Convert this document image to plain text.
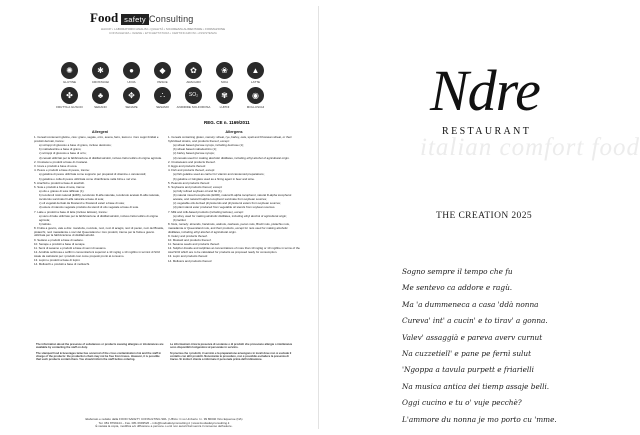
Food safety Consulting
HACCP • LABORATORIO ANALISI • QUALITÀ • SICUREZZA ALIMENTARE • FORMAZIONE
CONSULENZA • IGIENE • ETICHETTATURA • CERTIFICAZIONI • ASSISTENZA
✺
GLUTINE
✱
CROSTACEI
●
UOVA
◆
PESCE
✿
ARACHIDI
❀
SOIA
▲
LATTE
✤
FRUTTA A GUSCIO
♣
SEDANO
✥
SENAPE
∴
SESAMO
SO₂
ANIDRIDE SOLFOROSA
✾
LUPINI
◉
MOLLUSCHI
REG. CE n. 1169/2011
Allergeni
1. Cereali contenenti glutine, cioè: grano, segale, orzo, avena, farro, kamut o i loro ceppi ibridati e prodotti derivati, tranne:
a) sciroppi di glucosio a base di grano, incluso destrosio;
b) maltodestrine a base di grano;
c) sciroppi di glucosio a base di orzo;
d) cereali utilizzati per la fabbricazione di distillati alcolici, incluso l'alcol etilico di origine agricola.
2. Crostacei e prodotti a base di crostacei.
3. Uova e prodotti a base di uova.
4. Pesce e prodotti a base di pesce, tranne:
a) gelatina di pesce utilizzata come supporto per preparati di vitamine o carotenoidi;
b) gelatina o colla di pesce utilizzata come chiarificante nella birra e nel vino.
5. Arachidi e prodotti a base di arachidi.
6. Soia e prodotti a base di soia, tranne:
a) olio e grasso di soia raffinato (1);
b) tocoferoli misti naturali (E306), tocoferolo D-alfa naturale, tocoferolo acetato D-alfa naturale, tocoferolo succinato D-alfa naturale a base di soia;
c) oli vegetali derivati da fitosteroli e fitosteroli esteri a base di soia;
d) estere di stanolo vegetale prodotto da steroli di olio vegetale a base di soia.
7. Latte e prodotti a base di latte (incluso lattosio), tranne:
a) siero di latte utilizzato per la fabbricazione di distillati alcolici, incluso l'alcol etilico di origine agricola;
b) lattiolo.
8. Frutta a guscio, vale a dire: mandorle, nocciole, noci, noci di acagiù, noci di pecan, noci del Brasile, pistacchi, noci macadamia o noci del Queensland e i loro prodotti, tranne per la frutta a guscio utilizzata per la fabbricazione di distillati alcolici.
9. Sedano e prodotti a base di sedano.
10. Senape e prodotti a base di senape.
11. Semi di sesamo e prodotti a base di semi di sesamo.
12. Anidride solforosa e solfiti in concentrazioni superiori a 10 mg/kg o 10 mg/litro in termini di SO2 totale da calcolarsi per i prodotti così come proposti pronti al consumo.
13. Lupini e prodotti a base di lupini.
14. Molluschi e prodotti a base di molluschi.
Allergens
1. Cereals containing gluten, namely: wheat, rye, barley, oats, spelt and Khorasan wheat, or their hybridised strains, and products thereof, except:
(a) wheat based glucose syrups, including dextrose (1);
(b) wheat based maltodextrins (1);
(c) barley based glucose syrups;
(d) cereals used for making alcoholic distillates, including ethyl alcohol of agricultural origin.
2. Crustaceans and products thereof.
3. Eggs and products thereof.
4. Fish and products thereof, except:
(a) fish gelatine used as carrier for vitamin and carotenoid preparations;
(b) gelatine or Isinglass used as a fining agent in beer and wine.
5. Peanuts and products thereof.
6. Soybeans and products thereof, except:
(a) fully refined soybean oil and fat (1);
(b) natural mixed tocopherols (E306), natural D-alpha tocopherol, natural D-alpha tocopherol acetate, and natural D-alpha tocopherol succinate from soybean sources;
(c) vegetable oils derived phytosterols and phytosterol esters from soybean sources;
(d) plant stanol ester produced from vegetable oil sterols from soybean sources.
7. Milk and milk-based products (including lactose), except:
(a) whey used for making alcoholic distillates, including ethyl alcohol of agricultural origin;
(b) lactitol.
8. Nuts, namely: almonds, hazelnuts, walnuts, cashews, pecan nuts, Brazil nuts, pistachio nuts, macadamia or Queensland nuts, and their products, except for nuts used for making alcoholic distillates, including ethyl alcohol of agricultural origin.
9. Celery and products thereof.
10. Mustard and products thereof.
11. Sesame seeds and products thereof.
12. Sulphur dioxide and sulphites at concentrations of more than 10 mg/kg or 10 mg/litre in terms of the total SO2 which are to be calculated for products as proposed ready for consumption.
13. Lupin and products thereof.
14. Molluscs and products thereof.

The information about the presence of substances or products causing allergies or intolerances are available by contacting the staff on duty.

The stamped food & beverages tame has occurred of the cross contamination risk and the staff in charge of the products: the production chain may not be free from traces. However, it is possible that such products contain them. You should inform the staff before ordering.

Le informazioni circa la presenza di sostanze o di prodotti che provocano allergie o intolleranze sono disponibili rivolgendosi al personale in servizio.

Si precisa che i prodotti, il servizio e la preparazione avvengono in locali dove non si esclude il contatto con altri prodotti. Nonostante le procedure, non è possibile escludere la presenza di tracce. Si invita il cliente a informare il personale prima dell'ordinazione.

Elaborato e redatto dalla FOOD SAFETY CONSULTING SRL | Ufficio: C.so Umberto I n. 99 80040 Vico Equense (NA)
Tel. 081 8799144 – Fax. 081 0993526 – info@foodsafetyconsulting.it | www.foodsafetyconsulting.it
È vietata la copia, modifica e/o diffusione a persone o enti non autorizzati senza il consenso dell'autore.
italian comfort food
Ndre
RESTAURANT
THE CREATION 2025
Sogno sempre il tempo che fu
Me sentevo ca addore e ragù.
Ma 'a dummeneca a casa 'ddà nonna
Cureva' int' a cucin' e to tirav' a gonna.
Valev' assaggià e pareva averv curnut
Na cuzzetiell' e pane pe fernì sulut
'Ngoppa a tavula purpett e friarielli
Na musica antica dei tiemp assaje belli.
Oggi cucino e tu o' vuje pecchè?
L'ammore du nonna je mo porto cu 'mme.
